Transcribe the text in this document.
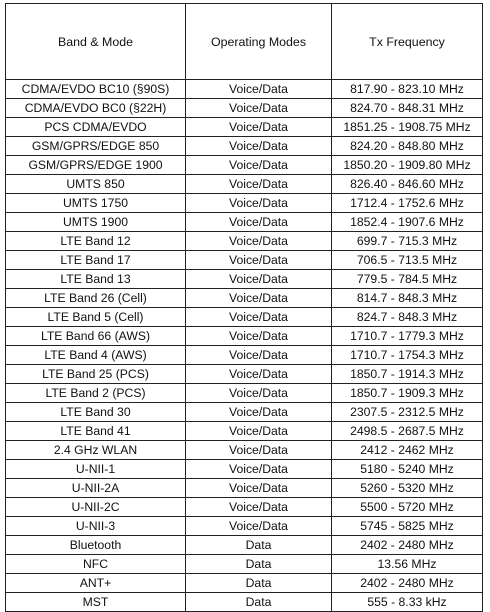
Band & Mode	Operating Modes	Tx Frequency
CDMA/EVDO BC10 (§90S)	Voice/Data	817.90 - 823.10 MHz
CDMA/EVDO BC0 (§22H)	Voice/Data	824.70 - 848.31 MHz
PCS CDMA/EVDO	Voice/Data	1851.25 - 1908.75 MHz
GSM/GPRS/EDGE 850	Voice/Data	824.20 - 848.80 MHz
GSM/GPRS/EDGE 1900	Voice/Data	1850.20 - 1909.80 MHz
UMTS 850	Voice/Data	826.40 - 846.60 MHz
UMTS 1750	Voice/Data	1712.4 - 1752.6 MHz
UMTS 1900	Voice/Data	1852.4 - 1907.6 MHz
LTE Band 12	Voice/Data	699.7 - 715.3 MHz
LTE Band 17	Voice/Data	706.5 - 713.5 MHz
LTE Band 13	Voice/Data	779.5 - 784.5 MHz
LTE Band 26 (Cell)	Voice/Data	814.7 - 848.3 MHz
LTE Band 5 (Cell)	Voice/Data	824.7 - 848.3 MHz
LTE Band 66 (AWS)	Voice/Data	1710.7 - 1779.3 MHz
LTE Band 4 (AWS)	Voice/Data	1710.7 - 1754.3 MHz
LTE Band 25 (PCS)	Voice/Data	1850.7 - 1914.3 MHz
LTE Band 2 (PCS)	Voice/Data	1850.7 - 1909.3 MHz
LTE Band 30	Voice/Data	2307.5 - 2312.5 MHz
LTE Band 41	Voice/Data	2498.5 - 2687.5 MHz
2.4 GHz WLAN	Voice/Data	2412 - 2462 MHz
U-NII-1	Voice/Data	5180 - 5240 MHz
U-NII-2A	Voice/Data	5260 - 5320 MHz
U-NII-2C	Voice/Data	5500 - 5720 MHz
U-NII-3	Voice/Data	5745 - 5825 MHz
Bluetooth	Data	2402 - 2480 MHz
NFC	Data	13.56 MHz
ANT+	Data	2402 - 2480 MHz
MST	Data	555 - 8.33 kHz
